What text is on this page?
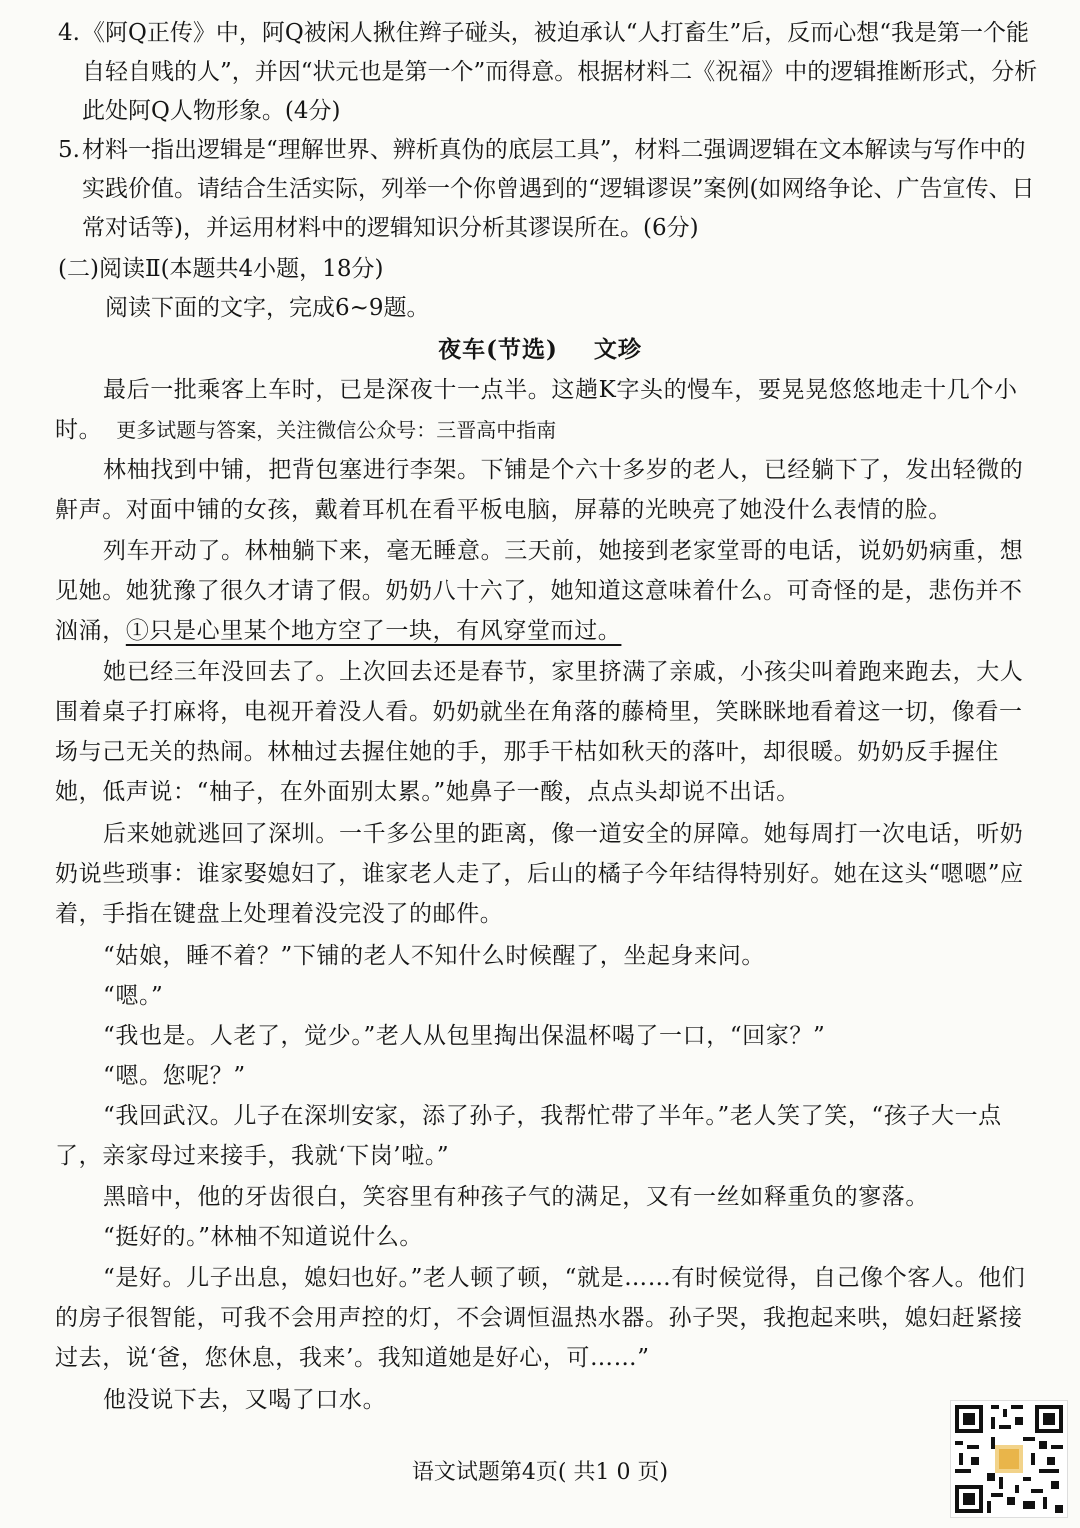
4. 《阿Q正传》中，阿Q被闲人揪住辫子碰头，被迫承认“人打畜生”后，反而心想“我是第一个能自轻自贱的人”，并因“状元也是第一个”而得意。根据材料二《祝福》中的逻辑推断形式，分析此处阿Q人物形象。(4分)
5. 材料一指出逻辑是“理解世界、辨析真伪的底层工具”，材料二强调逻辑在文本解读与写作中的实践价值。请结合生活实际，列举一个你曾遇到的“逻辑谬误”案例(如网络争论、广告宣传、日常对话等)，并运用材料中的逻辑知识分析其谬误所在。(6分)
(二)阅读Ⅱ(本题共4小题，18分)
阅读下面的文字，完成6~9题。
夜车(节选) 文珍
最后一批乘客上车时，已是深夜十一点半。这趟K字头的慢车，要晃晃悠悠地走十几个小时。 更多试题与答案，关注微信公众号：三晋高中指南
林柚找到中铺，把背包塞进行李架。下铺是个六十多岁的老人，已经躺下了，发出轻微的鼾声。对面中铺的女孩，戴着耳机在看平板电脑，屏幕的光映亮了她没什么表情的脸。
列车开动了。林柚躺下来，毫无睡意。三天前，她接到老家堂哥的电话，说奶奶病重，想见她。她犹豫了很久才请了假。奶奶八十六了，她知道这意味着什么。可奇怪的是，悲伤并不汹涌，①只是心里某个地方空了一块，有风穿堂而过。
她已经三年没回去了。上次回去还是春节，家里挤满了亲戚，小孩尖叫着跑来跑去，大人围着桌子打麻将，电视开着没人看。奶奶就坐在角落的藤椅里，笑眯眯地看着这一切，像看一场与己无关的热闹。林柚过去握住她的手，那手干枯如秋天的落叶，却很暖。奶奶反手握住她，低声说：“柚子，在外面别太累。”她鼻子一酸，点点头却说不出话。
后来她就逃回了深圳。一千多公里的距离，像一道安全的屏障。她每周打一次电话，听奶奶说些琐事：谁家娶媳妇了，谁家老人走了，后山的橘子今年结得特别好。她在这头“嗯嗯”应着，手指在键盘上处理着没完没了的邮件。
“姑娘，睡不着？”下铺的老人不知什么时候醒了，坐起身来问。
“嗯。”
“我也是。人老了，觉少。”老人从包里掏出保温杯喝了一口，“回家？”
“嗯。您呢？”
“我回武汉。儿子在深圳安家，添了孙子，我帮忙带了半年。”老人笑了笑，“孩子大一点了，亲家母过来接手，我就‘下岗’啦。”
黑暗中，他的牙齿很白，笑容里有种孩子气的满足，又有一丝如释重负的寥落。
“挺好的。”林柚不知道说什么。
“是好。儿子出息，媳妇也好。”老人顿了顿，“就是……有时候觉得，自己像个客人。他们的房子很智能，可我不会用声控的灯，不会调恒温热水器。孙子哭，我抱起来哄，媳妇赶紧接过去，说‘爸，您休息，我来’。我知道她是好心，可……”
他没说下去，又喝了口水。
语文试题第4页( 共1 0 页)
